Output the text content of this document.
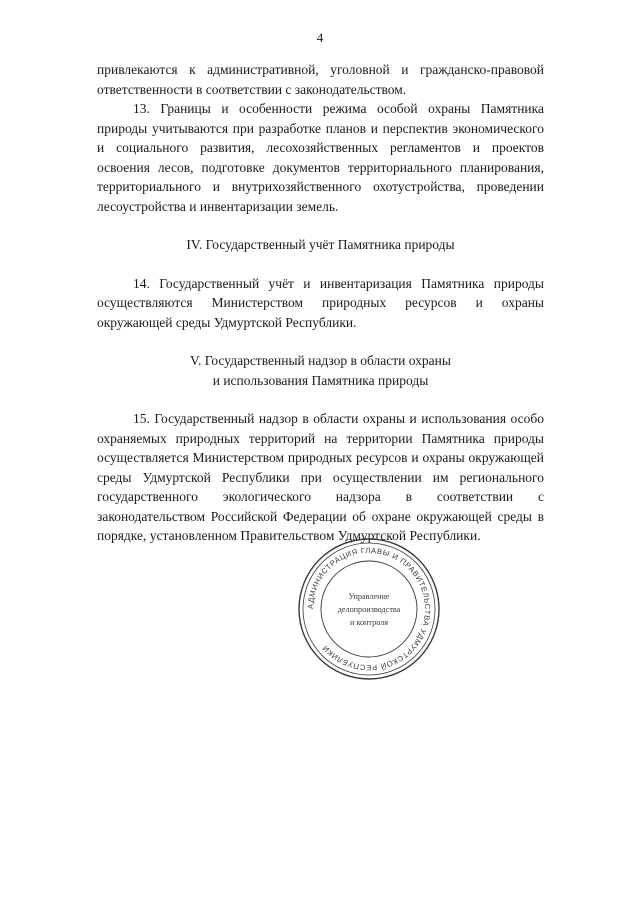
4

привлекаются к административной, уголовной и гражданско-правовой ответственности в соответствии с законодательством.

13. Границы и особенности режима особой охраны Памятника природы учитываются при разработке планов и перспектив экономического и социального развития, лесохозяйственных регламентов и проектов освоения лесов, подготовке документов территориального планирования, территориального и внутрихозяйственного охотустройства, проведении лесоустройства и инвентаризации земель.

IV. Государственный учёт Памятника природы

14. Государственный учёт и инвентаризация Памятника природы осуществляются Министерством природных ресурсов и охраны окружающей среды Удмуртской Республики.

V. Государственный надзор в области охраны

и использования Памятника природы

15. Государственный надзор в области охраны и использования особо охраняемых природных территорий на территории Памятника природы осуществляется Министерством природных ресурсов и охраны окружающей среды Удмуртской Республики при осуществлении им регионального государственного экологического надзора в соответствии с законодательством Российской Федерации об охране окружающей среды в порядке, установленном Правительством Удмуртской Республики.

АДМИНИСТРАЦИЯ ГЛАВЫ И ПРАВИТЕЛЬСТВА УДМУРТСКОЙ РЕСПУБЛИКИ
Управление
делопроизводства
и контроля
